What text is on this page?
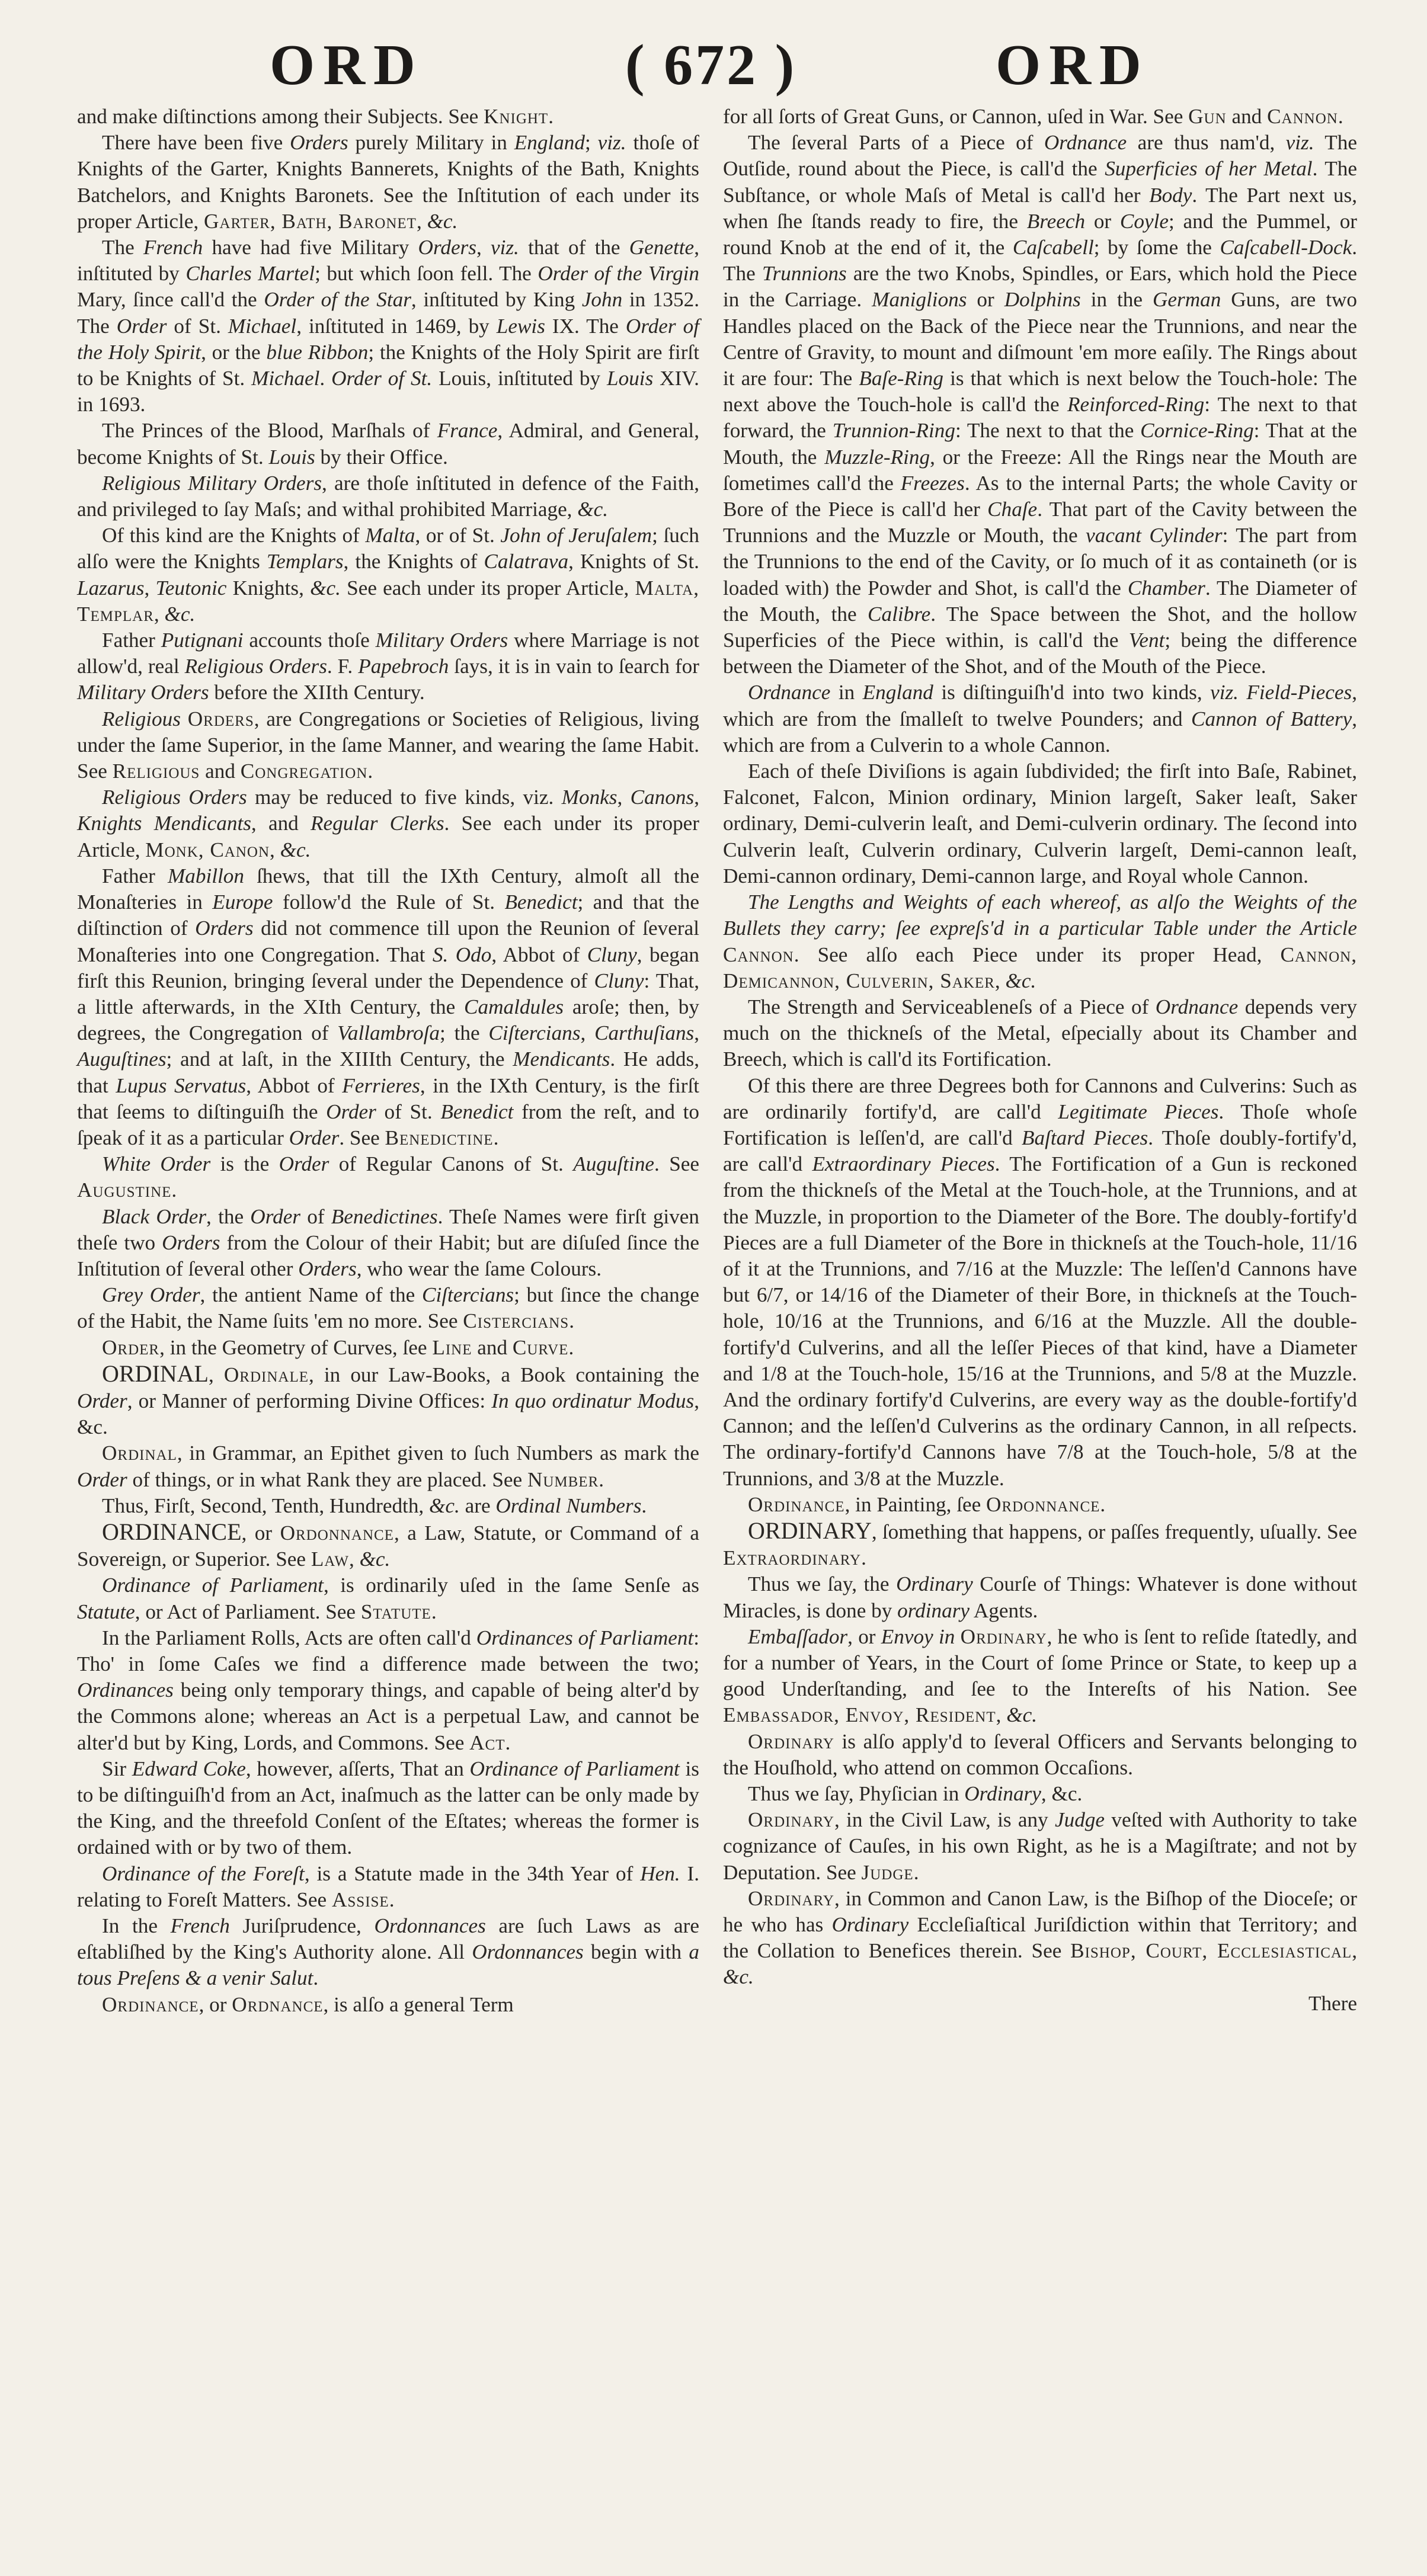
ORD	( 672 )	ORD

and make diſtinctions among their Subjects. See Knight.

There have been five Orders purely Military in England; viz. thoſe of Knights of the Garter, Knights Bannerets, Knights of the Bath, Knights Batchelors, and Knights Baronets. See the Inſtitution of each under its proper Article, Garter, Bath, Baronet, &c.

The French have had five Military Orders, viz. that of the Genette, inſtituted by Charles Martel; but which ſoon fell. The Order of the Virgin Mary, ſince call'd the Order of the Star, inſtituted by King John in 1352. The Order of St. Michael, inſtituted in 1469, by Lewis IX. The Order of the Holy Spirit, or the blue Ribbon; the Knights of the Holy Spirit are firſt to be Knights of St. Michael. Order of St. Louis, inſtituted by Louis XIV. in 1693.

The Princes of the Blood, Marſhals of France, Admiral, and General, become Knights of St. Louis by their Office.

Religious Military Orders, are thoſe inſtituted in defence of the Faith, and privileged to ſay Maſs; and withal prohibited Marriage, &c.

Of this kind are the Knights of Malta, or of St. John of Jeruſalem; ſuch alſo were the Knights Templars, the Knights of Calatrava, Knights of St. Lazarus, Teutonic Knights, &c. See each under its proper Article, Malta, Templar, &c.

Father Putignani accounts thoſe Military Orders where Marriage is not allow'd, real Religious Orders. F. Papebroch ſays, it is in vain to ſearch for Military Orders before the XIIth Century.

Religious Orders, are Congregations or Societies of Religious, living under the ſame Superior, in the ſame Manner, and wearing the ſame Habit. See Religious and Congregation.

Religious Orders may be reduced to five kinds, viz. Monks, Canons, Knights Mendicants, and Regular Clerks. See each under its proper Article, Monk, Canon, &c.

Father Mabillon ſhews, that till the IXth Century, almoſt all the Monaſteries in Europe follow'd the Rule of St. Benedict; and that the diſtinction of Orders did not commence till upon the Reunion of ſeveral Monaſteries into one Congregation. That S. Odo, Abbot of Cluny, began firſt this Reunion, bringing ſeveral under the Dependence of Cluny: That, a little afterwards, in the XIth Century, the Camaldules aroſe; then, by degrees, the Congregation of Vallambroſa; the Ciſtercians, Carthuſians, Auguſtines; and at laſt, in the XIIIth Century, the Mendicants. He adds, that Lupus Servatus, Abbot of Ferrieres, in the IXth Century, is the firſt that ſeems to diſtinguiſh the Order of St. Benedict from the reſt, and to ſpeak of it as a particular Order. See Benedictine.

White Order is the Order of Regular Canons of St. Auguſtine. See Augustine.

Black Order, the Order of Benedictines. Theſe Names were firſt given theſe two Orders from the Colour of their Habit; but are diſuſed ſince the Inſtitution of ſeveral other Orders, who wear the ſame Colours.

Grey Order, the antient Name of the Ciſtercians; but ſince the change of the Habit, the Name ſuits 'em no more. See Cistercians.

Order, in the Geometry of Curves, ſee Line and Curve.

ORDINAL, Ordinale, in our Law-Books, a Book containing the Order, or Manner of performing Divine Offices: In quo ordinatur Modus, &c.

Ordinal, in Grammar, an Epithet given to ſuch Numbers as mark the Order of things, or in what Rank they are placed. See Number.

Thus, Firſt, Second, Tenth, Hundredth, &c. are Ordinal Numbers.

ORDINANCE, or Ordonnance, a Law, Statute, or Command of a Sovereign, or Superior. See Law, &c.

Ordinance of Parliament, is ordinarily uſed in the ſame Senſe as Statute, or Act of Parliament. See Statute.

In the Parliament Rolls, Acts are often call'd Ordinances of Parliament: Tho' in ſome Caſes we find a difference made between the two; Ordinances being only temporary things, and capable of being alter'd by the Commons alone; whereas an Act is a perpetual Law, and cannot be alter'd but by King, Lords, and Commons. See Act.

Sir Edward Coke, however, aſſerts, That an Ordinance of Parliament is to be diſtinguiſh'd from an Act, inaſmuch as the latter can be only made by the King, and the threefold Conſent of the Eſtates; whereas the former is ordained with or by two of them.

Ordinance of the Foreſt, is a Statute made in the 34th Year of Hen. I. relating to Foreſt Matters. See Assise.

In the French Juriſprudence, Ordonnances are ſuch Laws as are eſtabliſhed by the King's Authority alone. All Ordonnances begin with a tous Preſens & a venir Salut.

Ordinance, or Ordnance, is alſo a general Term

for all ſorts of Great Guns, or Cannon, uſed in War. See Gun and Cannon.

The ſeveral Parts of a Piece of Ordnance are thus nam'd, viz. The Outſide, round about the Piece, is call'd the Superficies of her Metal. The Subſtance, or whole Maſs of Metal is call'd her Body. The Part next us, when ſhe ſtands ready to fire, the Breech or Coyle; and the Pummel, or round Knob at the end of it, the Caſcabell; by ſome the Caſcabell-Dock. The Trunnions are the two Knobs, Spindles, or Ears, which hold the Piece in the Carriage. Maniglions or Dolphins in the German Guns, are two Handles placed on the Back of the Piece near the Trunnions, and near the Centre of Gravity, to mount and diſmount 'em more eaſily. The Rings about it are four: The Baſe-Ring is that which is next below the Touch-hole: The next above the Touch-hole is call'd the Reinforced-Ring: The next to that forward, the Trunnion-Ring: The next to that the Cornice-Ring: That at the Mouth, the Muzzle-Ring, or the Freeze: All the Rings near the Mouth are ſometimes call'd the Freezes. As to the internal Parts; the whole Cavity or Bore of the Piece is call'd her Chaſe. That part of the Cavity between the Trunnions and the Muzzle or Mouth, the vacant Cylinder: The part from the Trunnions to the end of the Cavity, or ſo much of it as containeth (or is loaded with) the Powder and Shot, is call'd the Chamber. The Diameter of the Mouth, the Calibre. The Space between the Shot, and the hollow Superficies of the Piece within, is call'd the Vent; being the difference between the Diameter of the Shot, and of the Mouth of the Piece.

Ordnance in England is diſtinguiſh'd into two kinds, viz. Field-Pieces, which are from the ſmalleſt to twelve Pounders; and Cannon of Battery, which are from a Culverin to a whole Cannon.

Each of theſe Diviſions is again ſubdivided; the firſt into Baſe, Rabinet, Falconet, Falcon, Minion ordinary, Minion largeſt, Saker leaſt, Saker ordinary, Demi-culverin leaſt, and Demi-culverin ordinary. The ſecond into Culverin leaſt, Culverin ordinary, Culverin largeſt, Demi-cannon leaſt, Demi-cannon ordinary, Demi-cannon large, and Royal whole Cannon.

The Lengths and Weights of each whereof, as alſo the Weights of the Bullets they carry; ſee expreſs'd in a particular Table under the Article Cannon. See alſo each Piece under its proper Head, Cannon, Demicannon, Culverin, Saker, &c.

The Strength and Serviceableneſs of a Piece of Ordnance depends very much on the thickneſs of the Metal, eſpecially about its Chamber and Breech, which is call'd its Fortification.

Of this there are three Degrees both for Cannons and Culverins: Such as are ordinarily fortify'd, are call'd Legitimate Pieces. Thoſe whoſe Fortification is leſſen'd, are call'd Baſtard Pieces. Thoſe doubly-fortify'd, are call'd Extraordinary Pieces. The Fortification of a Gun is reckoned from the thickneſs of the Metal at the Touch-hole, at the Trunnions, and at the Muzzle, in proportion to the Diameter of the Bore. The doubly-fortify'd Pieces are a full Diameter of the Bore in thickneſs at the Touch-hole, 11/16 of it at the Trunnions, and 7/16 at the Muzzle: The leſſen'd Cannons have but 6/7, or 14/16 of the Diameter of their Bore, in thickneſs at the Touch-hole, 10/16 at the Trunnions, and 6/16 at the Muzzle. All the double-fortify'd Culverins, and all the leſſer Pieces of that kind, have a Diameter and 1/8 at the Touch-hole, 15/16 at the Trunnions, and 5/8 at the Muzzle. And the ordinary fortify'd Culverins, are every way as the double-fortify'd Cannon; and the leſſen'd Culverins as the ordinary Cannon, in all reſpects. The ordinary-fortify'd Cannons have 7/8 at the Touch-hole, 5/8 at the Trunnions, and 3/8 at the Muzzle.

Ordinance, in Painting, ſee Ordonnance.

ORDINARY, ſomething that happens, or paſſes frequently, uſually. See Extraordinary.

Thus we ſay, the Ordinary Courſe of Things: Whatever is done without Miracles, is done by ordinary Agents.

Embaſſador, or Envoy in Ordinary, he who is ſent to reſide ſtatedly, and for a number of Years, in the Court of ſome Prince or State, to keep up a good Underſtanding, and ſee to the Intereſts of his Nation. See Embassador, Envoy, Resident, &c.

Ordinary is alſo apply'd to ſeveral Officers and Servants belonging to the Houſhold, who attend on common Occaſions.

Thus we ſay, Phyſician in Ordinary, &c.

Ordinary, in the Civil Law, is any Judge veſted with Authority to take cognizance of Cauſes, in his own Right, as he is a Magiſtrate; and not by Deputation. See Judge.

Ordinary, in Common and Canon Law, is the Biſhop of the Dioceſe; or he who has Ordinary Eccleſiaſtical Juriſdiction within that Territory; and the Collation to Benefices therein. See Bishop, Court, Ecclesiastical, &c.

There
